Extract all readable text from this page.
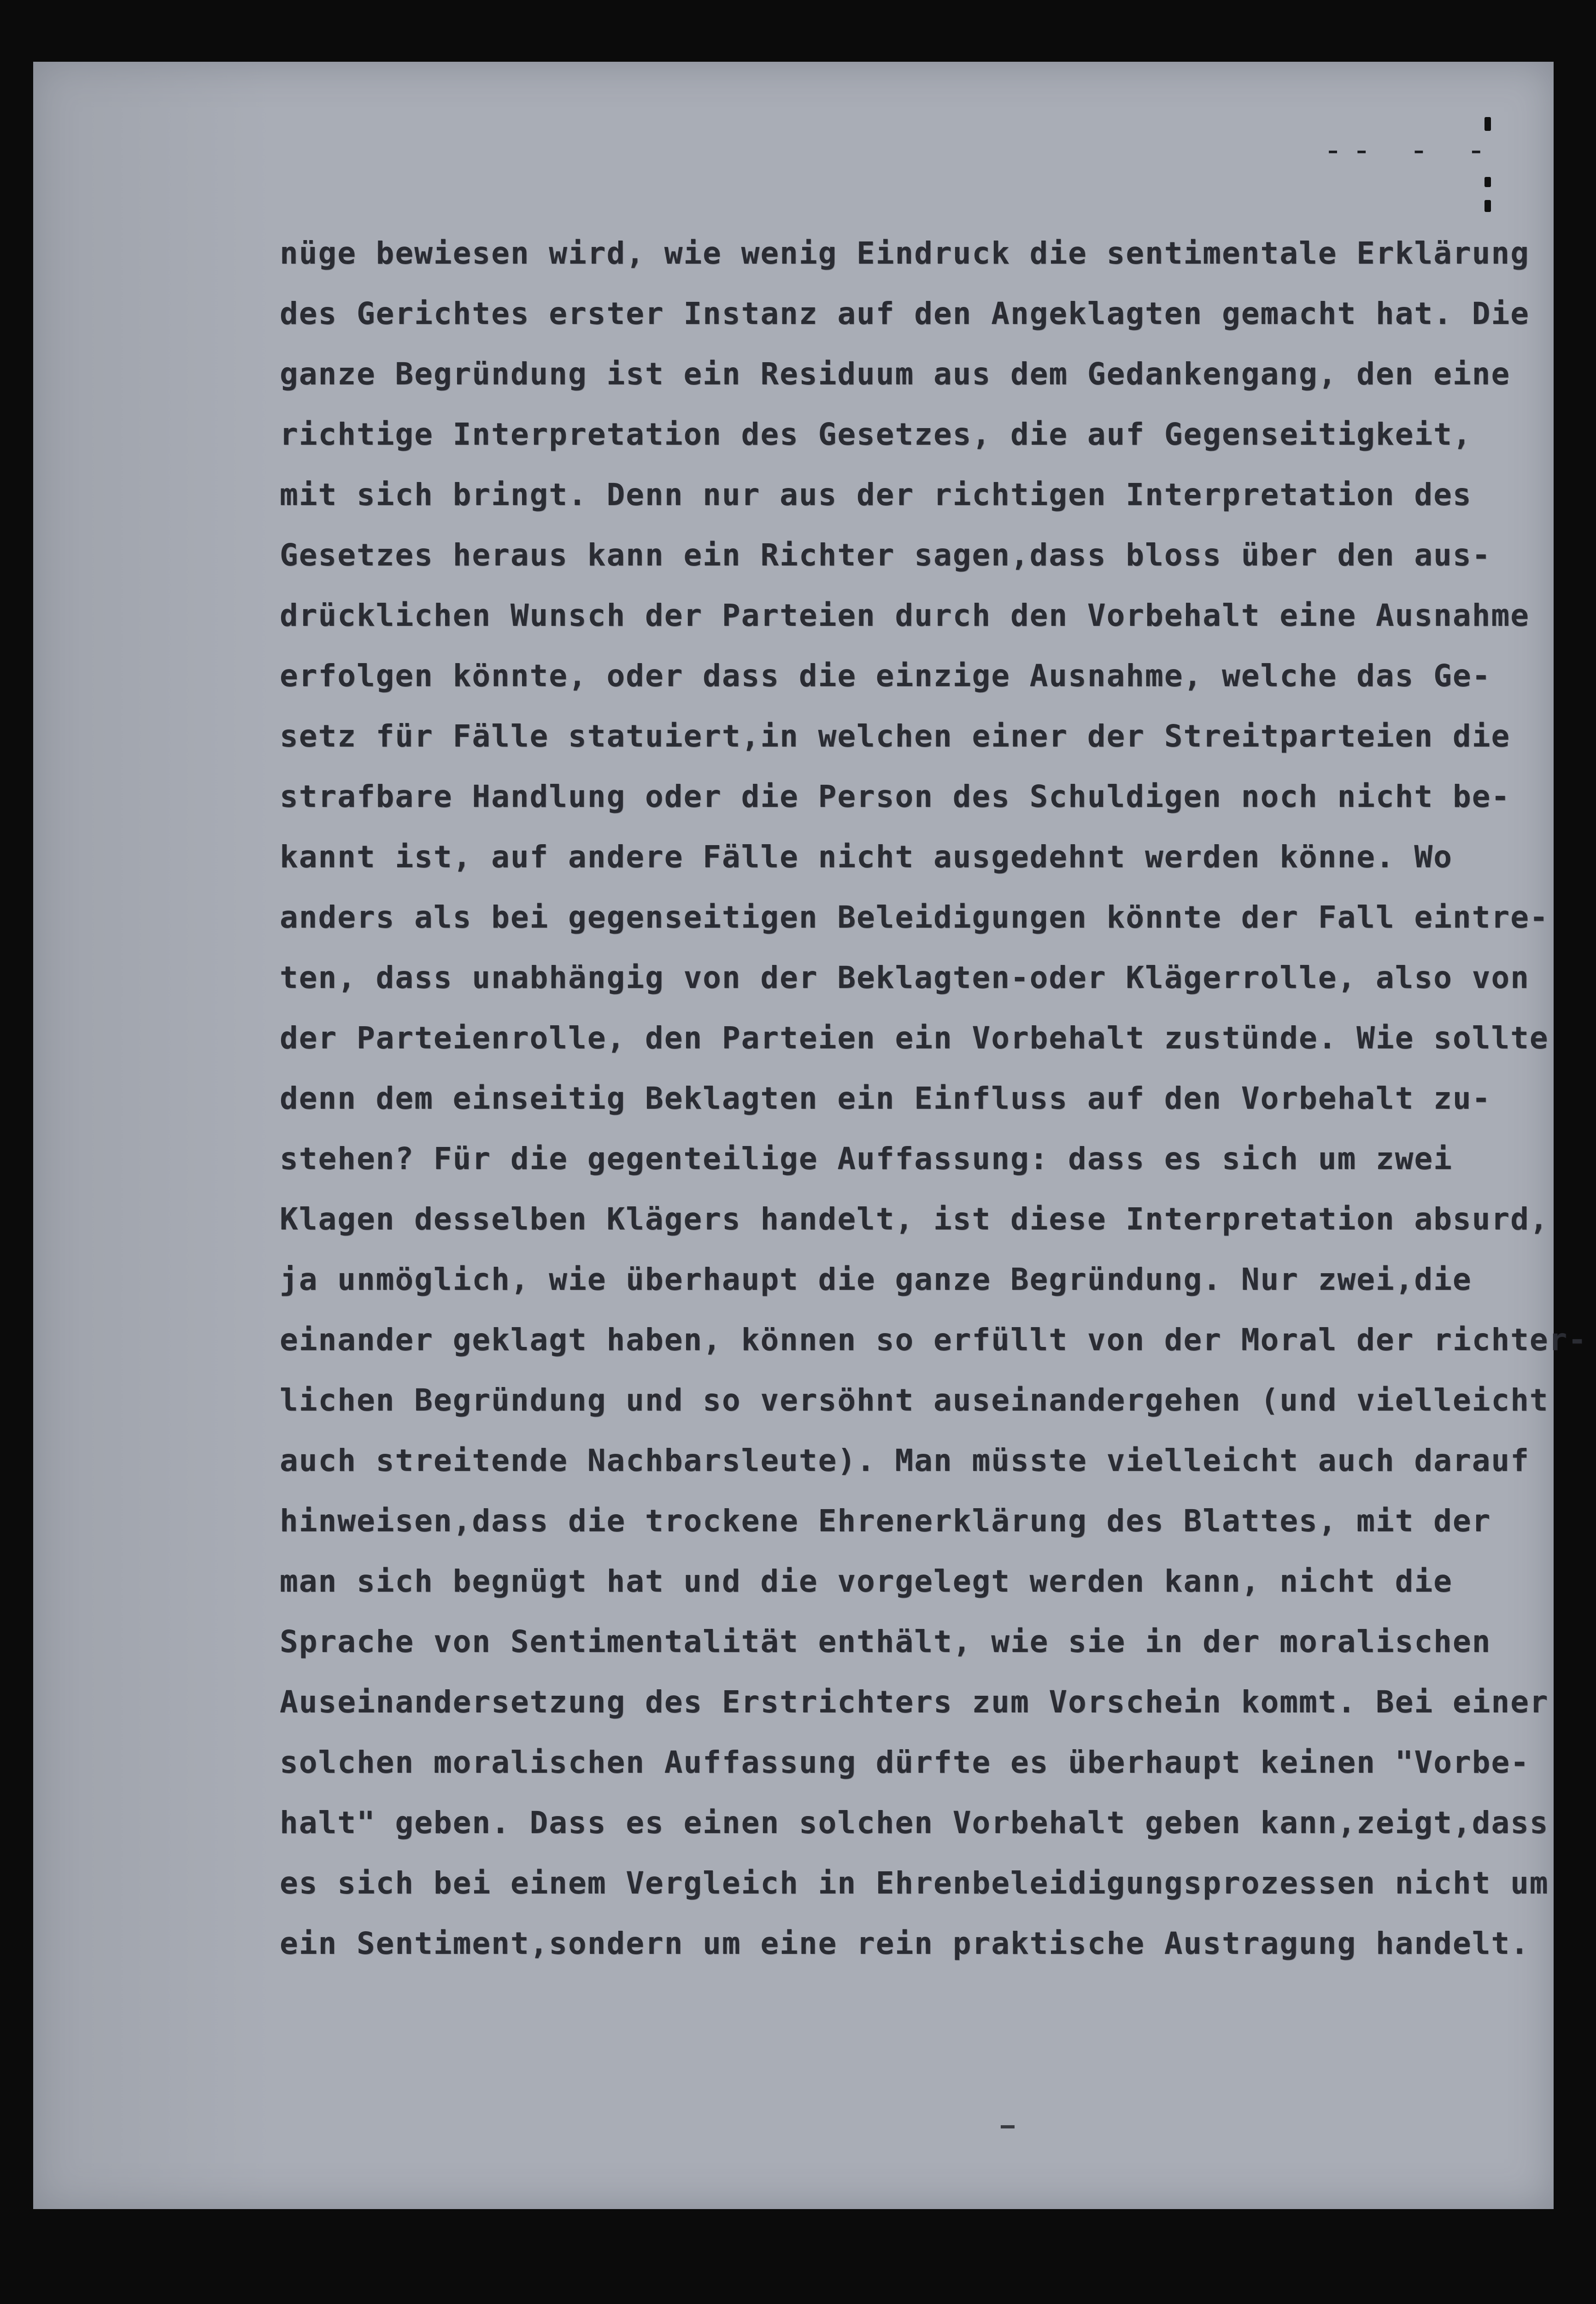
-- - -
nüge bewiesen wird, wie wenig Eindruck die sentimentale Erklärung
des Gerichtes erster Instanz auf den Angeklagten gemacht hat. Die
ganze Begründung ist ein Residuum aus dem Gedankengang, den eine
richtige Interpretation des Gesetzes, die auf Gegenseitigkeit,
mit sich bringt. Denn nur aus der richtigen Interpretation des
Gesetzes heraus kann ein Richter sagen,dass bloss über den aus-
drücklichen Wunsch der Parteien durch den Vorbehalt eine Ausnahme
erfolgen könnte, oder dass die einzige Ausnahme, welche das Ge-
setz für Fälle statuiert,in welchen einer der Streitparteien die
strafbare Handlung oder die Person des Schuldigen noch nicht be-
kannt ist, auf andere Fälle nicht ausgedehnt werden könne. Wo
anders als bei gegenseitigen Beleidigungen könnte der Fall eintre-
ten, dass unabhängig von der Beklagten-oder Klägerrolle, also von
der Parteienrolle, den Parteien ein Vorbehalt zustünde. Wie sollte
denn dem einseitig Beklagten ein Einfluss auf den Vorbehalt zu-
stehen? Für die gegenteilige Auffassung: dass es sich um zwei
Klagen desselben Klägers handelt, ist diese Interpretation absurd,
ja unmöglich, wie überhaupt die ganze Begründung. Nur zwei,die
einander geklagt haben, können so erfüllt von der Moral der richter-
lichen Begründung und so versöhnt auseinandergehen (und vielleicht
auch streitende Nachbarsleute). Man müsste vielleicht auch darauf
hinweisen,dass die trockene Ehrenerklärung des Blattes, mit der
man sich begnügt hat und die vorgelegt werden kann, nicht die
Sprache von Sentimentalität enthält, wie sie in der moralischen
Auseinandersetzung des Erstrichters zum Vorschein kommt. Bei einer
solchen moralischen Auffassung dürfte es überhaupt keinen "Vorbe-
halt" geben. Dass es einen solchen Vorbehalt geben kann,zeigt,dass
es sich bei einem Vergleich in Ehrenbeleidigungsprozessen nicht um
ein Sentiment,sondern um eine rein praktische Austragung handelt.
